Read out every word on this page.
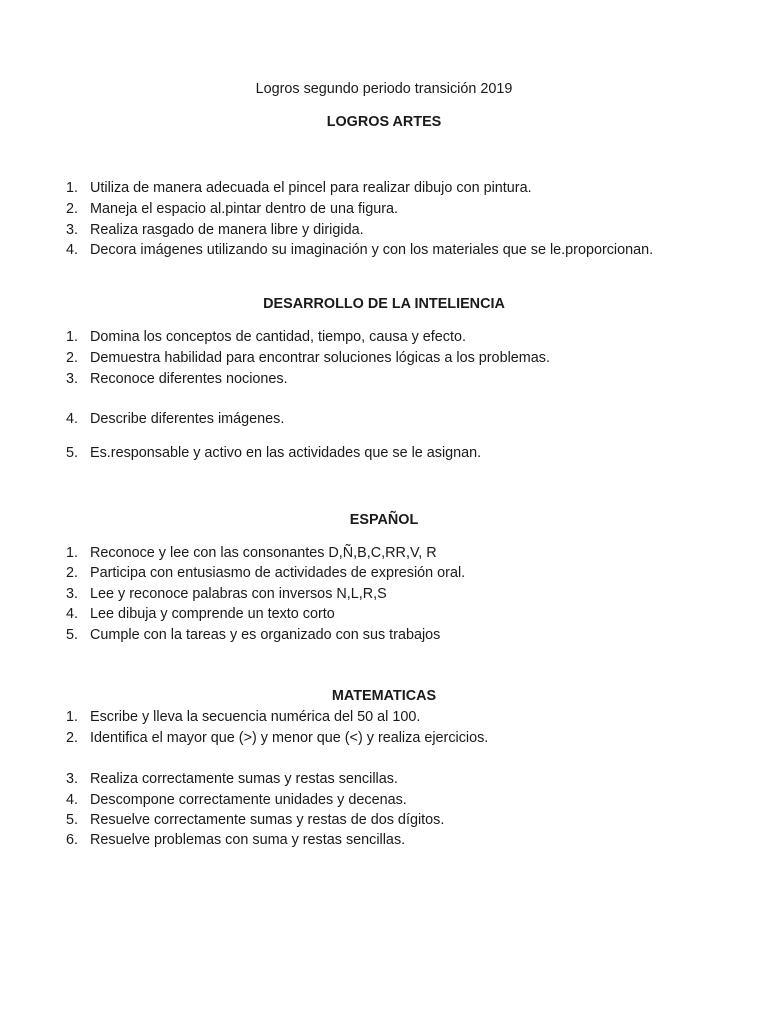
Logros segundo periodo transición 2019
LOGROS ARTES
1. Utiliza de manera adecuada el pincel para realizar dibujo con pintura.
2. Maneja el espacio al.pintar dentro de una figura.
3. Realiza rasgado de manera libre y dirigida.
4. Decora imágenes utilizando su imaginación y con los materiales que se le.proporcionan.
DESARROLLO DE LA INTELIENCIA
1. Domina los conceptos de cantidad, tiempo, causa y efecto.
2. Demuestra habilidad para encontrar soluciones lógicas a los problemas.
3. Reconoce diferentes nociones.
4. Describe diferentes imágenes.
5. Es.responsable y activo en las actividades que se le asignan.
ESPAÑOL
1. Reconoce y lee con las consonantes D,Ñ,B,C,RR,V, R
2. Participa con entusiasmo de actividades de expresión oral.
3. Lee y reconoce palabras con inversos N,L,R,S
4. Lee dibuja y comprende un texto corto
5. Cumple con la tareas y es organizado con sus trabajos
MATEMATICAS
1. Escribe y lleva la secuencia numérica del 50 al 100.
2. Identifica el mayor que (>) y menor que (<) y realiza ejercicios.
3. Realiza correctamente sumas y restas sencillas.
4. Descompone correctamente unidades y decenas.
5. Resuelve correctamente sumas y restas de dos dígitos.
6. Resuelve problemas con suma y restas sencillas.
